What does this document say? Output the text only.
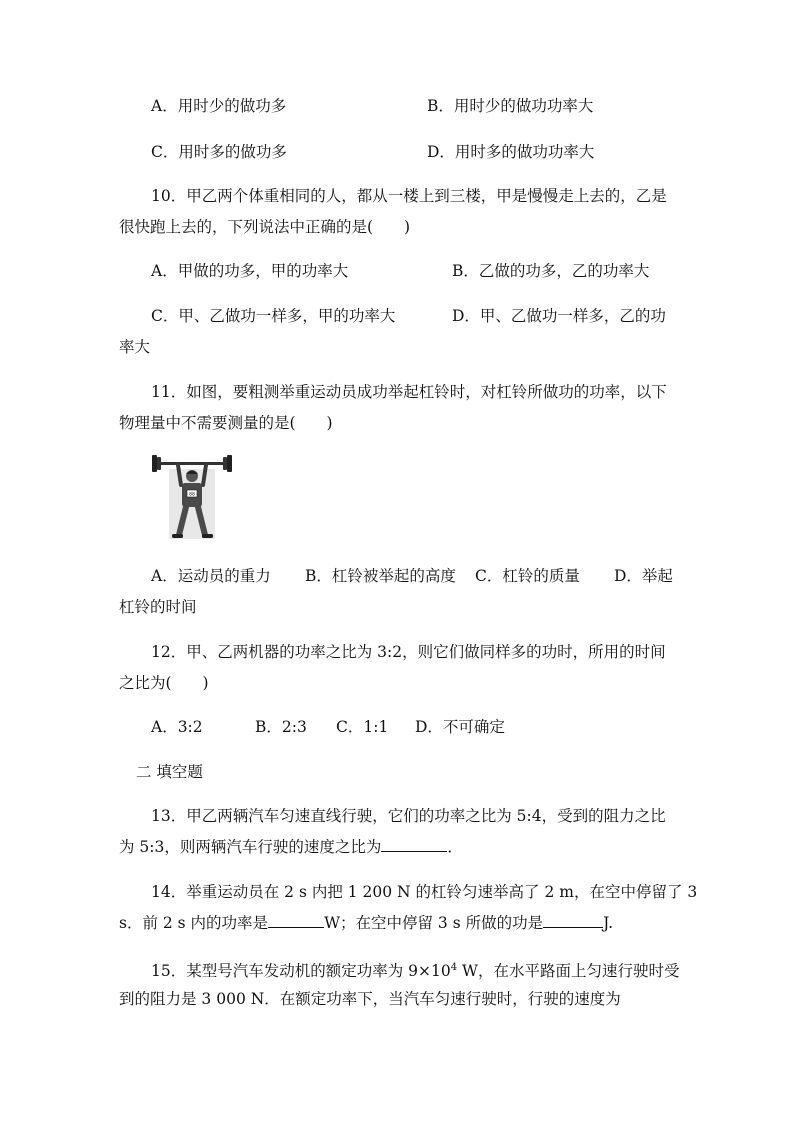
A．用时少的做功多	B．用时少的做功功率大
C．用时多的做功多	D．用时多的做功功率大
10．甲乙两个体重相同的人，都从一楼上到三楼，甲是慢慢走上去的，乙是
很快跑上去的，下列说法中正确的是(　　)
A．甲做的功多，甲的功率大	B．乙做的功多，乙的功率大
C．甲、乙做功一样多，甲的功率大	D．甲、乙做功一样多，乙的功
率大
11．如图，要粗测举重运动员成功举起杠铃时，对杠铃所做功的功率，以下
物理量中不需要测量的是(　　)
88
A．运动员的重力 B．杠铃被举起的高度 C．杠铃的质量 D．举起
杠铃的时间
12．甲、乙两机器的功率之比为 3:2，则它们做同样多的功时，所用的时间
之比为(　　)
A．3:2	B．2:3 C．1:1 D．不可确定
二 填空题
13．甲乙两辆汽车匀速直线行驶，它们的功率之比为 5:4，受到的阻力之比
为 5:3，则两辆汽车行驶的速度之比为	．
14．举重运动员在 2 s 内把 1 200 N 的杠铃匀速举高了 2 m，在空中停留了 3
s．前 2 s 内的功率是	W；在空中停留 3 s 所做的功是	J.
15．某型号汽车发动机的额定功率为 $9\times 10^4$ W，在水平路面上匀速行驶时受
到的阻力是 3 000 N．在额定功率下，当汽车匀速行驶时，行驶的速度为
